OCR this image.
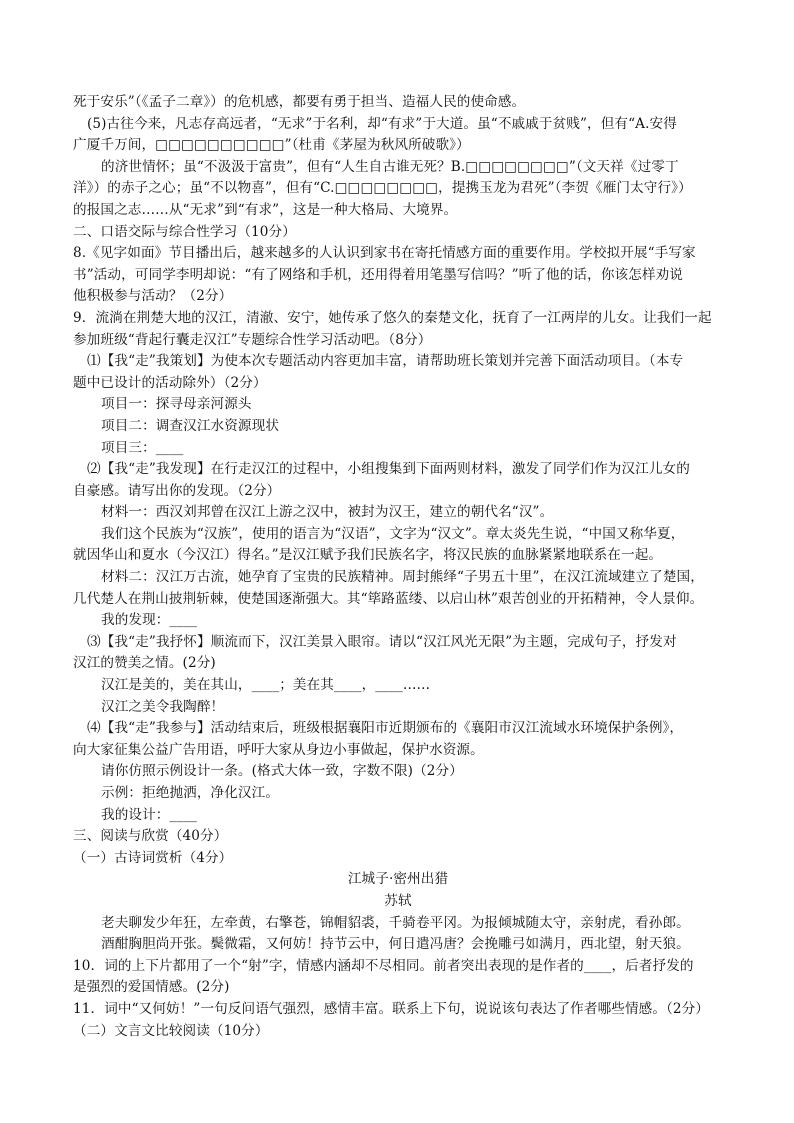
死于安乐”（《孟子二章》）的危机感，都要有勇于担当、造福人民的使命感。

(5)古往今来，凡志存高远者，“无求”于名利，却“有求”于大道。虽“不戚戚于贫贱”，但有“A.安得

广厦千万间，□□□□□□□□□□”（杜甫《茅屋为秋风所破歌》）

的济世情怀；虽“不汲汲于富贵”，但有“人生自古谁无死？B.□□□□□□□□”（文天祥《过零丁

洋》）的赤子之心；虽“不以物喜”，但有“C.□□□□□□□□，提携玉龙为君死”（李贺《雁门太守行》）

的报国之志……从“无求”到“有求”，这是一种大格局、大境界。

二、口语交际与综合性学习（10分）

8.《见字如面》节目播出后，越来越多的人认识到家书在寄托情感方面的重要作用。学校拟开展“手写家

书”活动，可同学李明却说：“有了网络和手机，还用得着用笔墨写信吗？”听了他的话，你该怎样劝说

他积极参与活动？（2分）

9．流淌在荆楚大地的汉江，清澈、安宁，她传承了悠久的秦楚文化，抚育了一江两岸的儿女。让我们一起

参加班级“背起行囊走汉江”专题综合性学习活动吧。（8分）

⑴【我“走”我策划】为使本次专题活动内容更加丰富，请帮助班长策划并完善下面活动项目。（本专

题中已设计的活动除外）（2分）

项目一：探寻母亲河源头

项目二：调查汉江水资源现状

项目三：____

⑵【我“走”我发现】在行走汉江的过程中，小组搜集到下面两则材料，激发了同学们作为汉江儿女的

自豪感。请写出你的发现。（2分）

材料一：西汉刘邦曾在汉江上游之汉中，被封为汉王，建立的朝代名“汉”。

我们这个民族为“汉族”，使用的语言为“汉语”，文字为“汉文”。章太炎先生说，“中国又称华夏，

就因华山和夏水（今汉江）得名。”是汉江赋予我们民族名字，将汉民族的血脉紧紧地联系在一起。

材料二：汉江万古流，她孕育了宝贵的民族精神。周封熊绎“子男五十里”，在汉江流域建立了楚国，

几代楚人在荆山披荆斩棘，使楚国逐渐强大。其“筚路蓝缕、以启山林”艰苦创业的开拓精神，令人景仰。

我的发现：____

⑶【我“走”我抒怀】顺流而下，汉江美景入眼帘。请以“汉江风光无限”为主题，完成句子，抒发对

汉江的赞美之情。(2分)

汉江是美的，美在其山，____；美在其____，____……

汉江之美令我陶醉！

⑷【我“走”我参与】活动结束后，班级根据襄阳市近期颁布的《襄阳市汉江流域水环境保护条例》，

向大家征集公益广告用语，呼吁大家从身边小事做起，保护水资源。

请你仿照示例设计一条。(格式大体一致，字数不限)（2分）

示例：拒绝抛洒，净化汉江。

我的设计：____

三、阅读与欣赏（40分）

（一）古诗词赏析（4分）

江城子·密州出猎

苏轼

老夫聊发少年狂，左牵黄，右擎苍，锦帽貂裘，千骑卷平冈。为报倾城随太守，亲射虎，看孙郎。

酒酣胸胆尚开张。鬓微霜，又何妨！持节云中，何日遣冯唐？会挽雕弓如满月，西北望，射天狼。

10．词的上下片都用了一个“射”字，情感内涵却不尽相同。前者突出表现的是作者的____，后者抒发的

是强烈的爱国情感。(2分)

11．词中“又何妨！”一句反问语气强烈，感情丰富。联系上下句，说说该句表达了作者哪些情感。（2分）

（二）文言文比较阅读（10分）
